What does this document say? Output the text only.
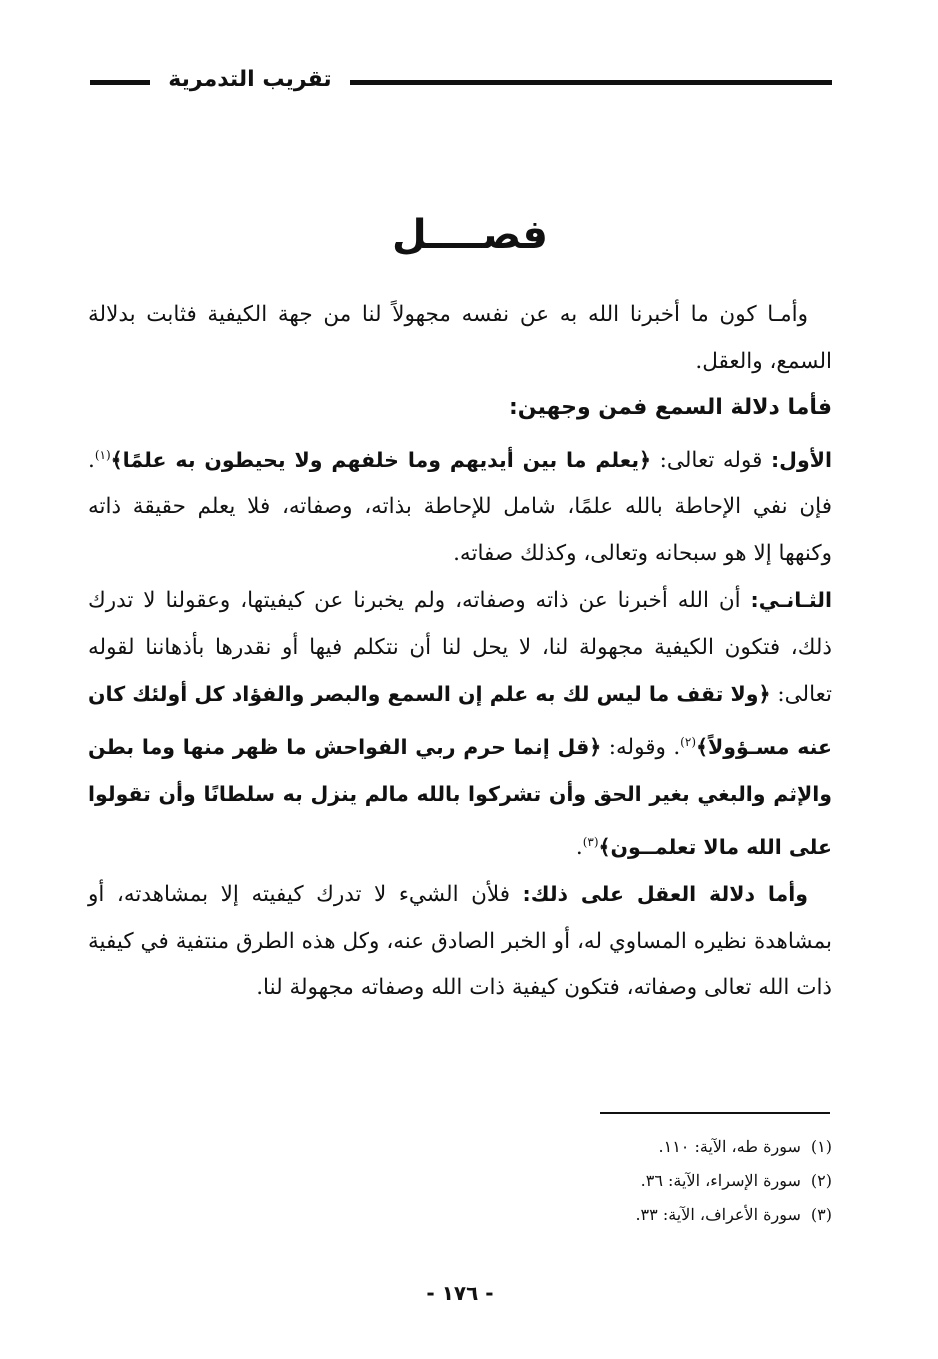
تقريب التدمرية
فصــــل

وأمـا كون ما أخبرنا الله به عن نفسه مجهولاً لنا من جهة الكيفية فثابت بدلالة السمع، والعقل.

فأما دلالة السمع فمن وجهين:

الأول: قوله تعالى: ﴿يعلم ما بين أيديهم وما خلفهم ولا يحيطون به علمًا﴾$^{(١)}$. فإن نفي الإحاطة بالله علمًا، شامل للإحاطة بذاته، وصفاته، فلا يعلم حقيقة ذاته وكنهها إلا هو سبحانه وتعالى، وكذلك صفاته.

الثـانـي: أن الله أخبرنا عن ذاته وصفاته، ولم يخبرنا عن كيفيتها، وعقولنا لا تدرك ذلك، فتكون الكيفية مجهولة لنا، لا يحل لنا أن نتكلم فيها أو نقدرها بأذهاننا لقوله تعالى: ﴿ولا تقف ما ليس لك به علم إن السمع والبصر والفؤاد كل أولئك كان عنه مسـؤولاً﴾$^{(٢)}$. وقوله: ﴿قل إنما حرم ربي الفواحش ما ظهر منها وما بطن والإثم والبغي بغير الحق وأن تشركوا بالله مالم ينزل به سلطانًا وأن تقولوا على الله مالا تعلمــون﴾$^{(٣)}$.

وأما دلالة العقل على ذلك: فلأن الشيء لا تدرك كيفيته إلا بمشاهدته، أو بمشاهدة نظيره المساوي له، أو الخبر الصادق عنه، وكل هذه الطرق منتفية في كيفية ذات الله تعالى وصفاته، فتكون كيفية ذات الله وصفاته مجهولة لنا.

(١)سورة طه، الآية: ١١٠.
(٢)سورة الإسراء، الآية: ٣٦.
(٣)سورة الأعراف، الآية: ٣٣.
- ١٧٦ -
